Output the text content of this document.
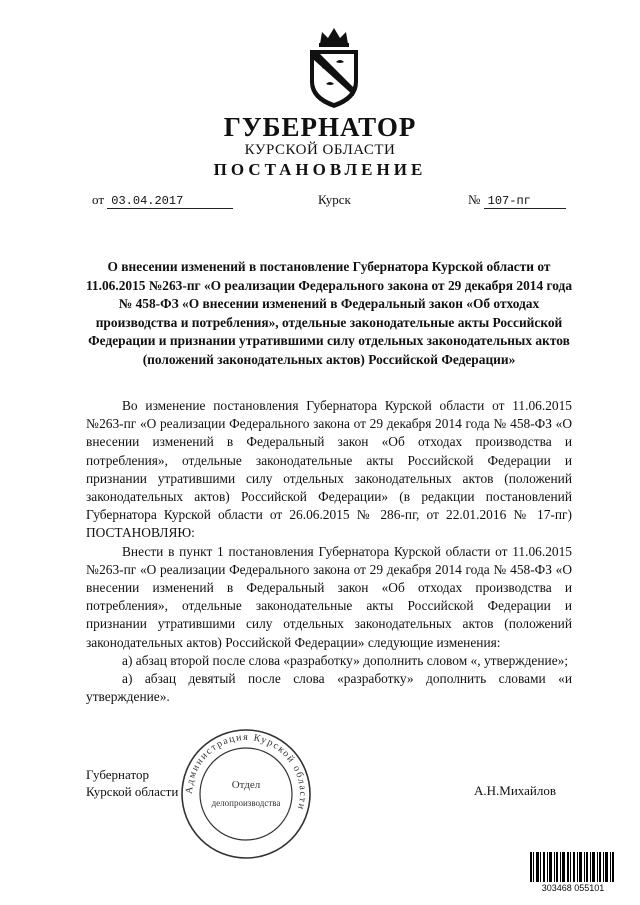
ГУБЕРНАТОР
КУРСКОЙ ОБЛАСТИ
ПОСТАНОВЛЕНИЕ
от 03.04.2017	Курск	№ 107-пг
О внесении изменений в постановление Губернатора Курской области от 11.06.2015 №263-пг «О реализации Федерального закона от 29 декабря 2014 года № 458-ФЗ «О внесении изменений в Федеральный закон «Об отходах производства и потребления», отдельные законодательные акты Российской Федерации и признании утратившими силу отдельных законодательных актов (положений законодательных актов) Российской Федерации»

Во изменение постановления Губернатора Курской области от 11.06.2015 №263-пг «О реализации Федерального закона от 29 декабря 2014 года № 458-ФЗ «О внесении изменений в Федеральный закон «Об отходах производства и потребления», отдельные законодательные акты Российской Федерации и признании утратившими силу отдельных законодательных актов (положений законодательных актов) Российской Федерации» (в редакции постановлений Губернатора Курской области от 26.06.2015 № 286-пг, от 22.01.2016 № 17-пг) ПОСТАНОВЛЯЮ:

Внести в пункт 1 постановления Губернатора Курской области от 11.06.2015 №263-пг «О реализации Федерального закона от 29 декабря 2014 года № 458-ФЗ «О внесении изменений в Федеральный закон «Об отходах производства и потребления», отдельные законодательные акты Российской Федерации и признании утратившими силу отдельных законодательных актов (положений законодательных актов) Российской Федерации» следующие изменения:

а) абзац второй после слова «разработку» дополнить словом «, утверждение»;

а) абзац девятый после слова «разработку» дополнить словами «и утверждение».

Губернатор
Курской области	А.Н.Михайлов
Администрация Курской области
Отдел
делопроизводства
303468 055101
